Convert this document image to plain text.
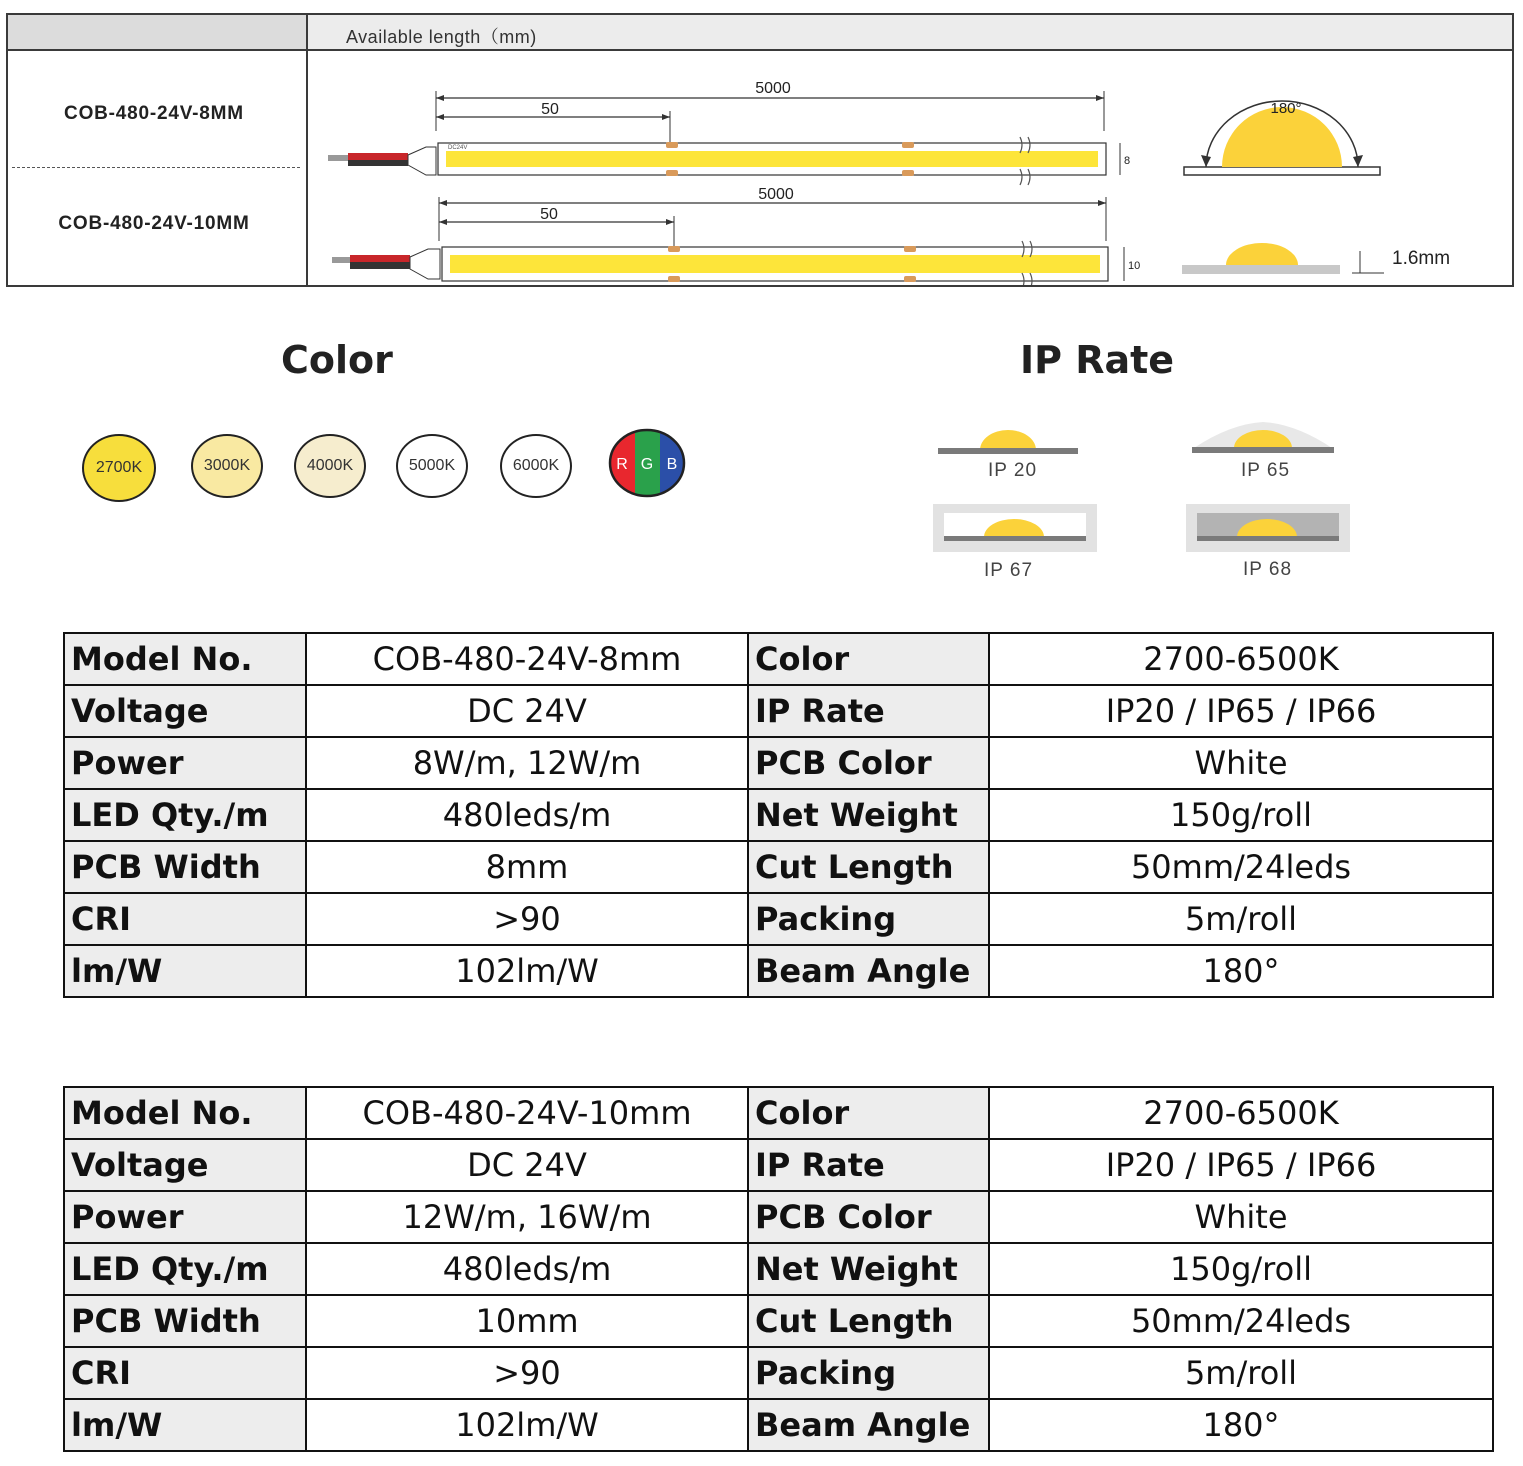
Available length（mm)
COB-480-24V-8MM
COB-480-24V-10MM
5000
50
DC24V
8
180°
5000
50
10	1.6mm
Color
2700K	3000K	4000K	5000K	6000K	R G B
IP Rate
IP 20	IP 65
IP 67	IP 68
Model No.	COB-480-24V-8mm	Color	2700-6500K
Voltage	DC 24V	IP Rate	IP20 / IP65 / IP66
Power	8W/m, 12W/m	PCB Color	White
LED Qty./m	480leds/m	Net Weight	150g/roll
PCB Width	8mm	Cut Length	50mm/24leds
CRI	>90	Packing	5m/roll
lm/W	102lm/W	Beam Angle	180°
Model No.	COB-480-24V-10mm	Color	2700-6500K
Voltage	DC 24V	IP Rate	IP20 / IP65 / IP66
Power	12W/m, 16W/m	PCB Color	White
LED Qty./m	480leds/m	Net Weight	150g/roll
PCB Width	10mm	Cut Length	50mm/24leds
CRI	>90	Packing	5m/roll
lm/W	102lm/W	Beam Angle	180°
